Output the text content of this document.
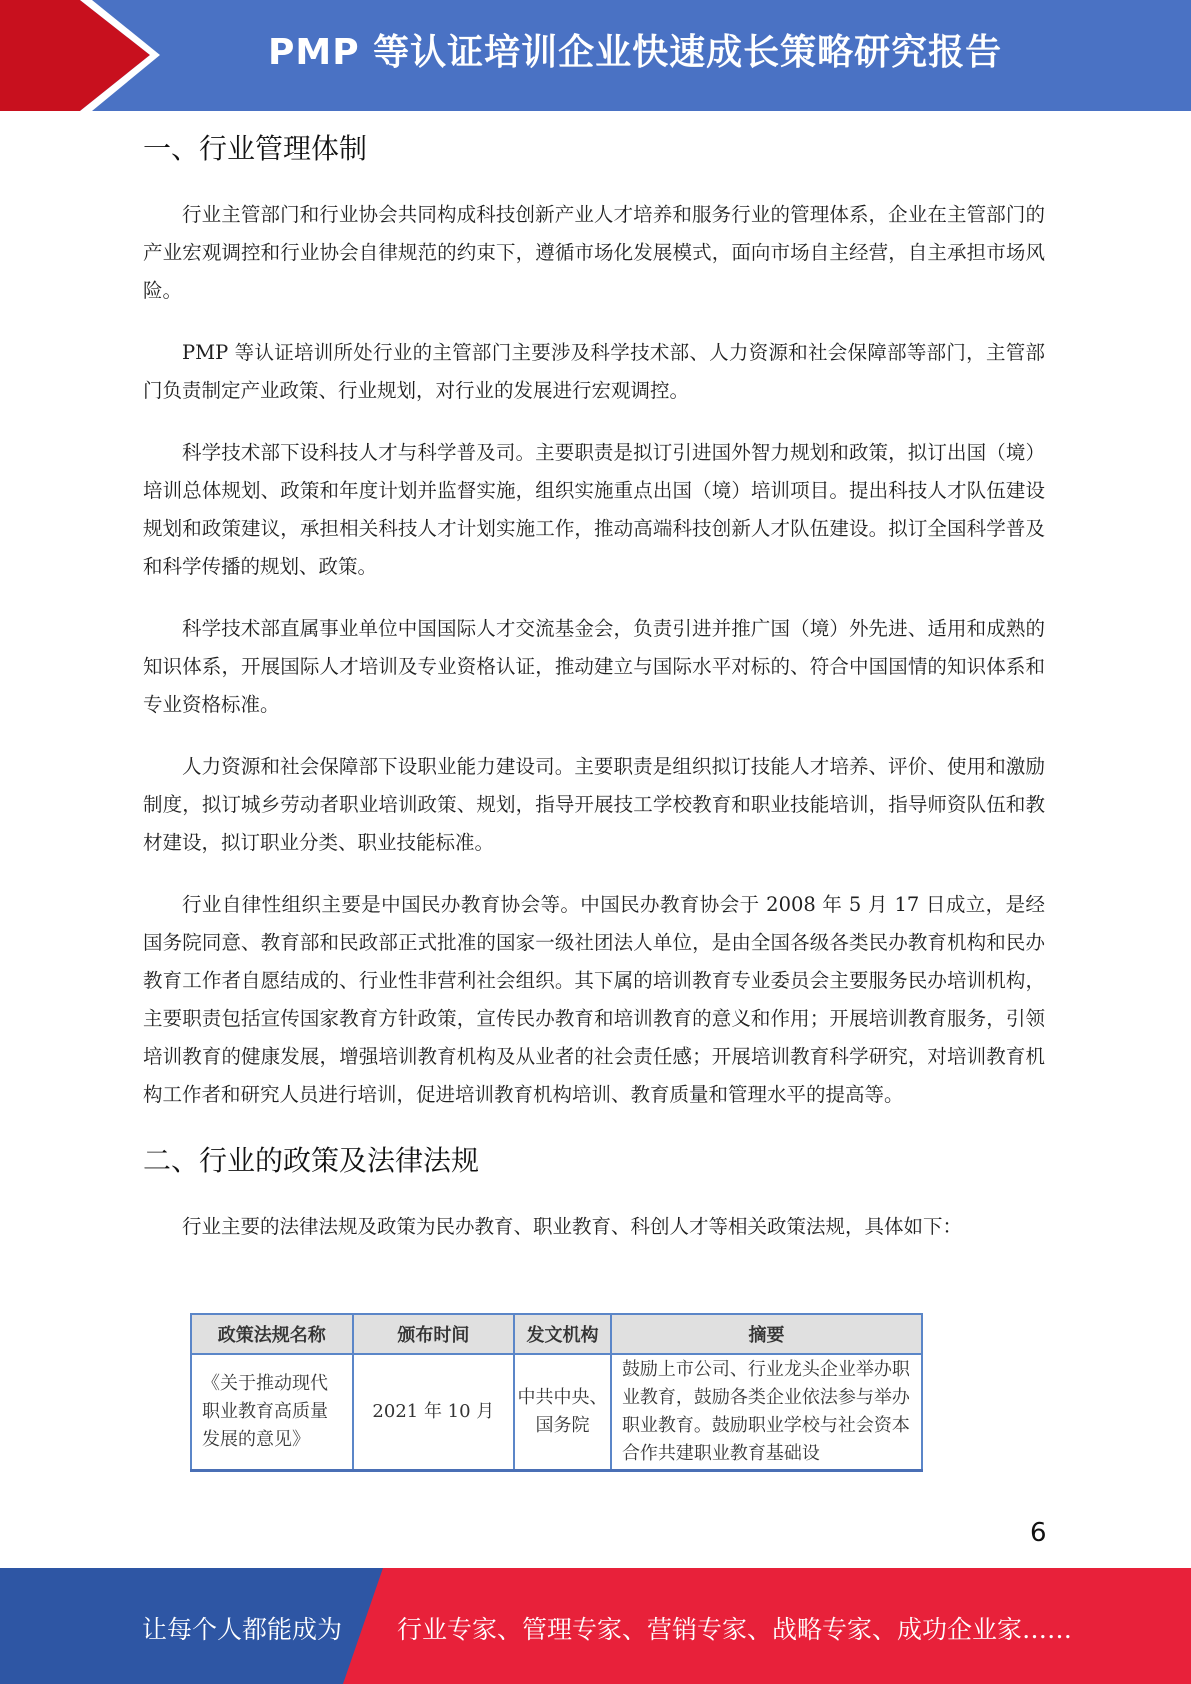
PMP 等认证培训企业快速成长策略研究报告
一、行业管理体制

行业主管部门和行业协会共同构成科技创新产业人才培养和服务行业的管理体系，企业在主管部门的产业宏观调控和行业协会自律规范的约束下，遵循市场化发展模式，面向市场自主经营，自主承担市场风险。

PMP 等认证培训所处行业的主管部门主要涉及科学技术部、人力资源和社会保障部等部门，主管部门负责制定产业政策、行业规划，对行业的发展进行宏观调控。

科学技术部下设科技人才与科学普及司。主要职责是拟订引进国外智力规划和政策，拟订出国（境）培训总体规划、政策和年度计划并监督实施，组织实施重点出国（境）培训项目。提出科技人才队伍建设规划和政策建议，承担相关科技人才计划实施工作，推动高端科技创新人才队伍建设。拟订全国科学普及和科学传播的规划、政策。

科学技术部直属事业单位中国国际人才交流基金会，负责引进并推广国（境）外先进、适用和成熟的知识体系，开展国际人才培训及专业资格认证，推动建立与国际水平对标的、符合中国国情的知识体系和专业资格标准。

人力资源和社会保障部下设职业能力建设司。主要职责是组织拟订技能人才培养、评价、使用和激励制度，拟订城乡劳动者职业培训政策、规划，指导开展技工学校教育和职业技能培训，指导师资队伍和教材建设，拟订职业分类、职业技能标准。

行业自律性组织主要是中国民办教育协会等。中国民办教育协会于 2008 年 5 月 17 日成立，是经国务院同意、教育部和民政部正式批准的国家一级社团法人单位，是由全国各级各类民办教育机构和民办教育工作者自愿结成的、行业性非营利社会组织。其下属的培训教育专业委员会主要服务民办培训机构，主要职责包括宣传国家教育方针政策，宣传民办教育和培训教育的意义和作用；开展培训教育服务，引领培训教育的健康发展，增强培训教育机构及从业者的社会责任感；开展培训教育科学研究，对培训教育机构工作者和研究人员进行培训，促进培训教育机构培训、教育质量和管理水平的提高等。

二、行业的政策及法律法规

行业主要的法律法规及政策为民办教育、职业教育、科创人才等相关政策法规，具体如下：

政策法规名称	颁布时间	发文机构	摘要
《关于推动现代职业教育高质量发展的意见》	2021 年 10 月	中共中央、国务院	鼓励上市公司、行业龙头企业举办职业教育，鼓励各类企业依法参与举办职业教育。鼓励职业学校与社会资本合作共建职业教育基础设
6
让每个人都能成为 行业专家、管理专家、营销专家、战略专家、成功企业家……
